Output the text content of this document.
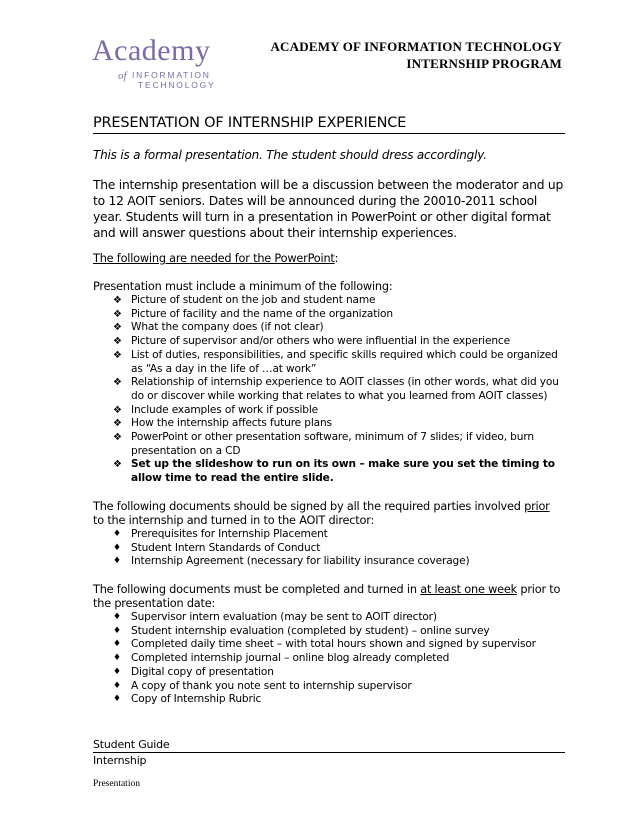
Academy
of INFORMATION
TECHNOLOGY
ACADEMY OF INFORMATION TECHNOLOGY
INTERNSHIP PROGRAM
PRESENTATION OF INTERNSHIP EXPERIENCE
This is a formal presentation. The student should dress accordingly.
The internship presentation will be a discussion between the moderator and up to 12 AOIT seniors. Dates will be announced during the 20010-2011 school year. Students will turn in a presentation in PowerPoint or other digital format and will answer questions about their internship experiences.
The following are needed for the PowerPoint:
Presentation must include a minimum of the following:
❖ Picture of student on the job and student name
❖ Picture of facility and the name of the organization
❖ What the company does (if not clear)
❖ Picture of supervisor and/or others who were influential in the experience
❖ List of duties, responsibilities, and specific skills required which could be organized as “As a day in the life of …at work”
❖ Relationship of internship experience to AOIT classes (in other words, what did you do or discover while working that relates to what you learned from AOIT classes)
❖ Include examples of work if possible
❖ How the internship affects future plans
❖ PowerPoint or other presentation software, minimum of 7 slides; if video, burn presentation on a CD
❖ Set up the slideshow to run on its own – make sure you set the timing to allow time to read the entire slide.
The following documents should be signed by all the required parties involved prior to the internship and turned in to the AOIT director:
♦ Prerequisites for Internship Placement
♦ Student Intern Standards of Conduct
♦ Internship Agreement (necessary for liability insurance coverage)
The following documents must be completed and turned in at least one week prior to the presentation date:
♦ Supervisor intern evaluation (may be sent to AOIT director)
♦ Student internship evaluation (completed by student) – online survey
♦ Completed daily time sheet – with total hours shown and signed by supervisor
♦ Completed internship journal – online blog already completed
♦ Digital copy of presentation
♦ A copy of thank you note sent to internship supervisor
♦ Copy of Internship Rubric
Student Guide
Internship
Presentation
